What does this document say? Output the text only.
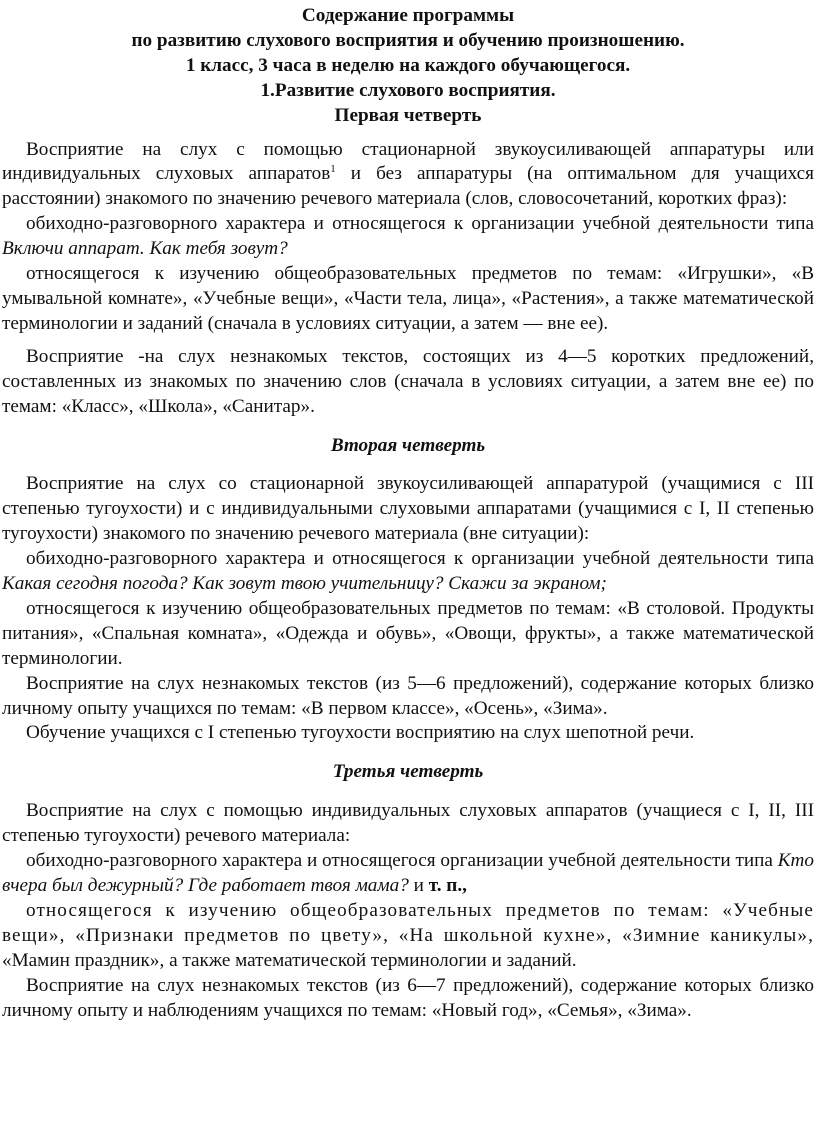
Содержание программы
по развитию слухового восприятия и обучению произношению.
1 класс, 3 часа в неделю на каждого обучающегося.
1.Развитие слухового восприятия.
Первая четверть

Восприятие на слух с помощью стационарной звукоусиливающей аппаратуры или индивидуальных слуховых аппаратов$^1$ и без аппаратуры (на оптимальном для учащихся расстоянии) знакомого по значению речевого материала (слов, словосочетаний, коротких фраз):

обиходно-разговорного характера и относящегося к организации учебной деятельности типа Включи аппарат. Как тебя зовут?

относящегося к изучению общеобразовательных предметов по темам: «Игрушки», «В умывальной комнате», «Учебные вещи», «Части тела, лица», «Растения», а также математической терминологии и заданий (сначала в условиях ситуации, а затем — вне ее).

Восприятие -на слух незнакомых текстов, состоящих из 4—5 коротких предложений, составленных из знакомых по значению слов (сначала в условиях ситуации, а затем вне ее) по темам: «Класс», «Школа», «Санитар».

Вторая четверть

Восприятие на слух со стационарной звукоусиливающей аппаратурой (учащимися с III степенью тугоухости) и с индивидуальными слуховыми аппаратами (учащимися с I, II степенью тугоухости) знакомого по значению речевого материала (вне ситуации):

обиходно-разговорного характера и относящегося к организации учебной деятельности типа Какая сегодня погода? Как зовут твою учительницу? Скажи за экраном;

относящегося к изучению общеобразовательных предметов по темам: «В столовой. Продукты питания», «Спальная комната», «Одежда и обувь», «Овощи, фрукты», а также математической терминологии.

Восприятие на слух незнакомых текстов (из 5—6 предложений), содержание которых близко личному опыту учащихся по темам: «В первом классе», «Осень», «Зима».

Обучение учащихся с I степенью тугоухости восприятию на слух шепотной речи.

Третья четверть

Восприятие на слух с помощью индивидуальных слуховых аппаратов (учащиеся с I, II, III степенью тугоухости) речевого материала:

обиходно-разговорного характера и относящегося организации учебной деятельности типа Кто вчера был дежурный? Где работает твоя мама? и т. п.,

относящегося к изучению общеобразовательных предметов по темам: «Учебные вещи», «Признаки предметов по цвету», «На школьной кухне», «Зимние каникулы», «Мамин праздник», а также математической терминологии и заданий.

Восприятие на слух незнакомых текстов (из 6—7 предложений), содержание которых близко личному опыту и наблюдениям учащихся по темам: «Новый год», «Семья», «Зима».
